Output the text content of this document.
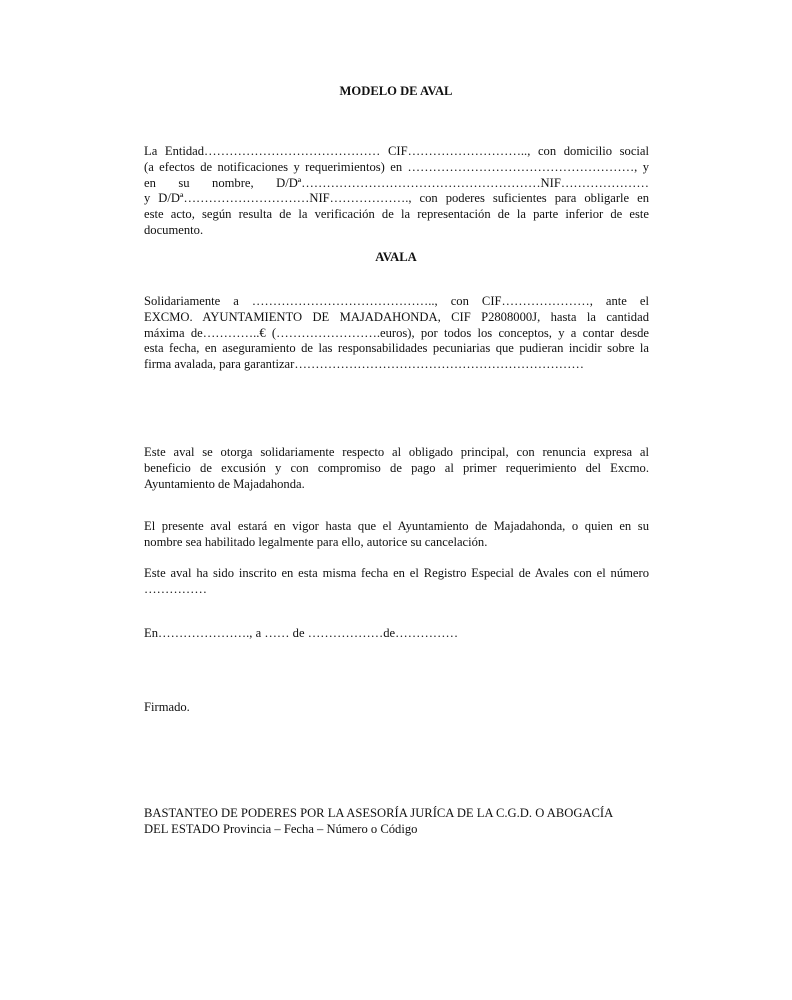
MODELO DE AVAL
La Entidad…………………………………… CIF……………………….., con domicilio social
(a efectos de notificaciones y requerimientos) en ………………………………………………, y
en su nombre, D/Dª…………………………………………………NIF…………………
y D/Dª…………………………NIF………………., con poderes suficientes para obligarle en
este acto, según resulta de la verificación de la representación de la parte inferior de este
documento.
AVALA
Solidariamente a …………………………………….., con CIF…………………, ante el
EXCMO. AYUNTAMIENTO DE MAJADAHONDA, CIF P2808000J, hasta la cantidad
máxima de…………..€ (…………………….euros), por todos los conceptos, y a contar desde
esta fecha, en aseguramiento de las responsabilidades pecuniarias que pudieran incidir sobre la
firma avalada, para garantizar……………………………………………………………
Este aval se otorga solidariamente respecto al obligado principal, con renuncia expresa al
beneficio de excusión y con compromiso de pago al primer requerimiento del Excmo.
Ayuntamiento de Majadahonda.
El presente aval estará en vigor hasta que el Ayuntamiento de Majadahonda, o quien en su
nombre sea habilitado legalmente para ello, autorice su cancelación.
Este aval ha sido inscrito en esta misma fecha en el Registro Especial de Avales con el número
……………
En…………………., a …… de ………………de……………
Firmado.
BASTANTEO DE PODERES POR LA ASESORÍA JURÍCA DE LA C.G.D. O ABOGACÍA
DEL ESTADO Provincia – Fecha – Número o Código
